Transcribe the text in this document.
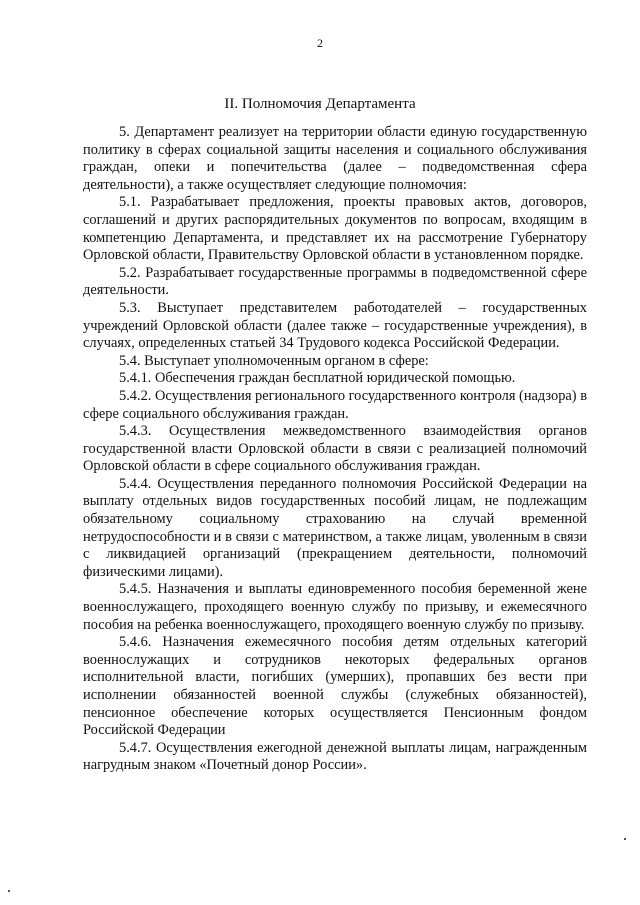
2
II. Полномочия Департамента

5. Департамент реализует на территории области единую государственную политику в сферах социальной защиты населения и социального обслуживания граждан, опеки и попечительства (далее – подведомственная сфера деятельности), а также осуществляет следующие полномочия:

5.1. Разрабатывает предложения, проекты правовых актов, договоров, соглашений и других распорядительных документов по вопросам, входящим в компетенцию Департамента, и представляет их на рассмотрение Губернатору Орловской области, Правительству Орловской области в установленном порядке.

5.2. Разрабатывает государственные программы в подведомственной сфере деятельности.

5.3. Выступает представителем работодателей – государственных учреждений Орловской области (далее также – государственные учреждения), в случаях, определенных статьей 34 Трудового кодекса Российской Федерации.

5.4. Выступает уполномоченным органом в сфере:

5.4.1. Обеспечения граждан бесплатной юридической помощью.

5.4.2. Осуществления регионального государственного контроля (надзора) в сфере социального обслуживания граждан.

5.4.3. Осуществления межведомственного взаимодействия органов государственной власти Орловской области в связи с реализацией полномочий Орловской области в сфере социального обслуживания граждан.

5.4.4. Осуществления переданного полномочия Российской Федерации на выплату отдельных видов государственных пособий лицам, не подлежащим обязательному социальному страхованию на случай временной нетрудоспособности и в связи с материнством, а также лицам, уволенным в связи с ликвидацией организаций (прекращением деятельности, полномочий физическими лицами).

5.4.5. Назначения и выплаты единовременного пособия беременной жене военнослужащего, проходящего военную службу по призыву, и ежемесячного пособия на ребенка военнослужащего, проходящего военную службу по призыву.

5.4.6. Назначения ежемесячного пособия детям отдельных категорий военнослужащих и сотрудников некоторых федеральных органов исполнительной власти, погибших (умерших), пропавших без вести при исполнении обязанностей военной службы (служебных обязанностей), пенсионное обеспечение которых осуществляется Пенсионным фондом Российской Федерации

5.4.7. Осуществления ежегодной денежной выплаты лицам, награжденным нагрудным знаком «Почетный донор России».
